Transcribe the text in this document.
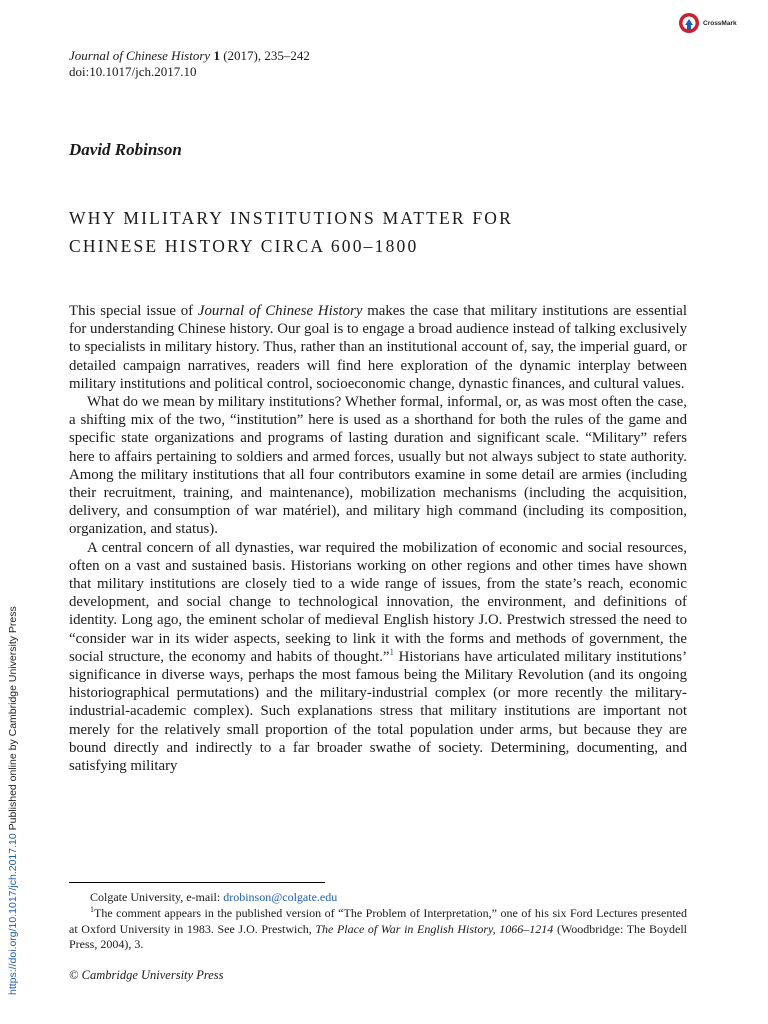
CrossMark
Journal of Chinese History 1 (2017), 235–242
doi:10.1017/jch.2017.10
David Robinson
WHY MILITARY INSTITUTIONS MATTER FOR
CHINESE HISTORY CIRCA 600–1800

This special issue of Journal of Chinese History makes the case that military institutions are essential for understanding Chinese history. Our goal is to engage a broad audience instead of talking exclusively to specialists in military history. Thus, rather than an institutional account of, say, the imperial guard, or detailed campaign narratives, readers will find here exploration of the dynamic interplay between military institutions and political control, socioeconomic change, dynastic finances, and cultural values.

What do we mean by military institutions? Whether formal, informal, or, as was most often the case, a shifting mix of the two, “institution” here is used as a shorthand for both the rules of the game and specific state organizations and programs of lasting duration and significant scale. “Military” refers here to affairs pertaining to soldiers and armed forces, usually but not always subject to state authority. Among the military institutions that all four contributors examine in some detail are armies (including their recruitment, training, and maintenance), mobilization mechanisms (including the acquisition, delivery, and consumption of war matériel), and military high command (including its composition, organization, and status).

A central concern of all dynasties, war required the mobilization of economic and social resources, often on a vast and sustained basis. Historians working on other regions and other times have shown that military institutions are closely tied to a wide range of issues, from the state’s reach, economic development, and social change to technological innovation, the environment, and definitions of identity. Long ago, the eminent scholar of medieval English history J.O. Prestwich stressed the need to “consider war in its wider aspects, seeking to link it with the forms and methods of government, the social structure, the economy and habits of thought.”$^1$ Historians have articulated military institutions’ significance in diverse ways, perhaps the most famous being the Military Revolution (and its ongoing historiographical permutations) and the military-industrial complex (or more recently the military-industrial-academic complex). Such explanations stress that military institutions are important not merely for the relatively small proportion of the total population under arms, but because they are bound directly and indirectly to a far broader swathe of society. Determining, documenting, and satisfying military

https://doi.org/10.1017/jch.2017.10 Published online by Cambridge University Press
Colgate University, e-mail: drobinson@colgate.edu
$^1$The comment appears in the published version of “The Problem of Interpretation,” one of his six Ford Lectures presented at Oxford University in 1983. See J.O. Prestwich, The Place of War in English History, 1066–1214 (Woodbridge: The Boydell Press, 2004), 3.
© Cambridge University Press
